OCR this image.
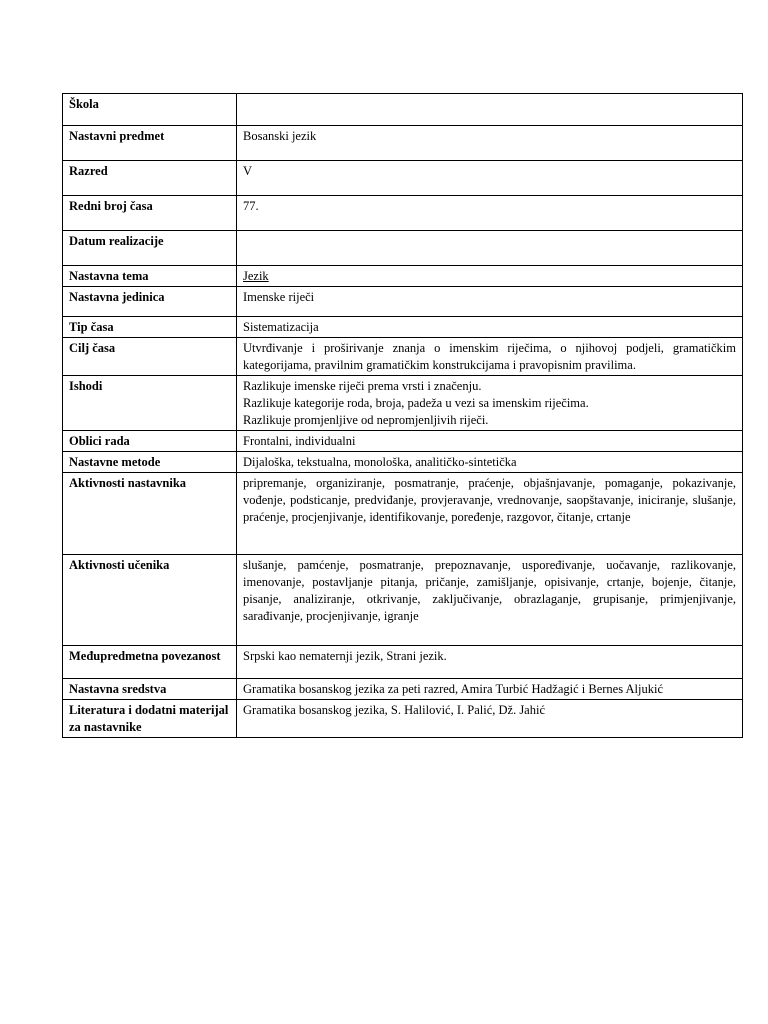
Škola	
Nastavni predmet	Bosanski jezik
Razred	V
Redni broj časa	77.
Datum realizacije	
Nastavna tema	Jezik
Nastavna jedinica	Imenske riječi
Tip časa	Sistematizacija
Cilj časa	Utvrđivanje i proširivanje znanja o imenskim riječima, o njihovoj podjeli, gramatičkim kategorijama, pravilnim gramatičkim konstrukcijama i pravopisnim pravilima.
Ishodi	Razlikuje imenske riječi prema vrsti i značenju.
Razlikuje kategorije roda, broja, padeža u vezi sa imenskim riječima.
Razlikuje promjenljive od nepromjenljivih riječi.

Oblici rada	Frontalni, individualni
Nastavne metode	Dijaloška, tekstualna, monološka, analitičko-sintetička
Aktivnosti nastavnika	pripremanje, organiziranje, posmatranje, praćenje, objašnjavanje, pomaganje, pokazivanje, vođenje, podsticanje, predviđanje, provjeravanje, vrednovanje, saopštavanje, iniciranje, slušanje, praćenje, procjenjivanje, identifikovanje, poređenje, razgovor, čitanje, crtanje
Aktivnosti učenika	slušanje, pamćenje, posmatranje, prepoznavanje, uspoređivanje, uočavanje, razlikovanje, imenovanje, postavljanje pitanja, pričanje, zamišljanje, opisivanje, crtanje, bojenje, čitanje, pisanje, analiziranje, otkrivanje, zaključivanje, obrazlaganje, grupisanje, primjenjivanje, sarađivanje, procjenjivanje, igranje
Međupredmetna povezanost	Srpski kao nematernji jezik, Strani jezik.
Nastavna sredstva	Gramatika bosanskog jezika za peti razred, Amira Turbić Hadžagić i Bernes Aljukić
Literatura i dodatni materijal za nastavnike	Gramatika bosanskog jezika, S. Halilović, I. Palić, Dž. Jahić
